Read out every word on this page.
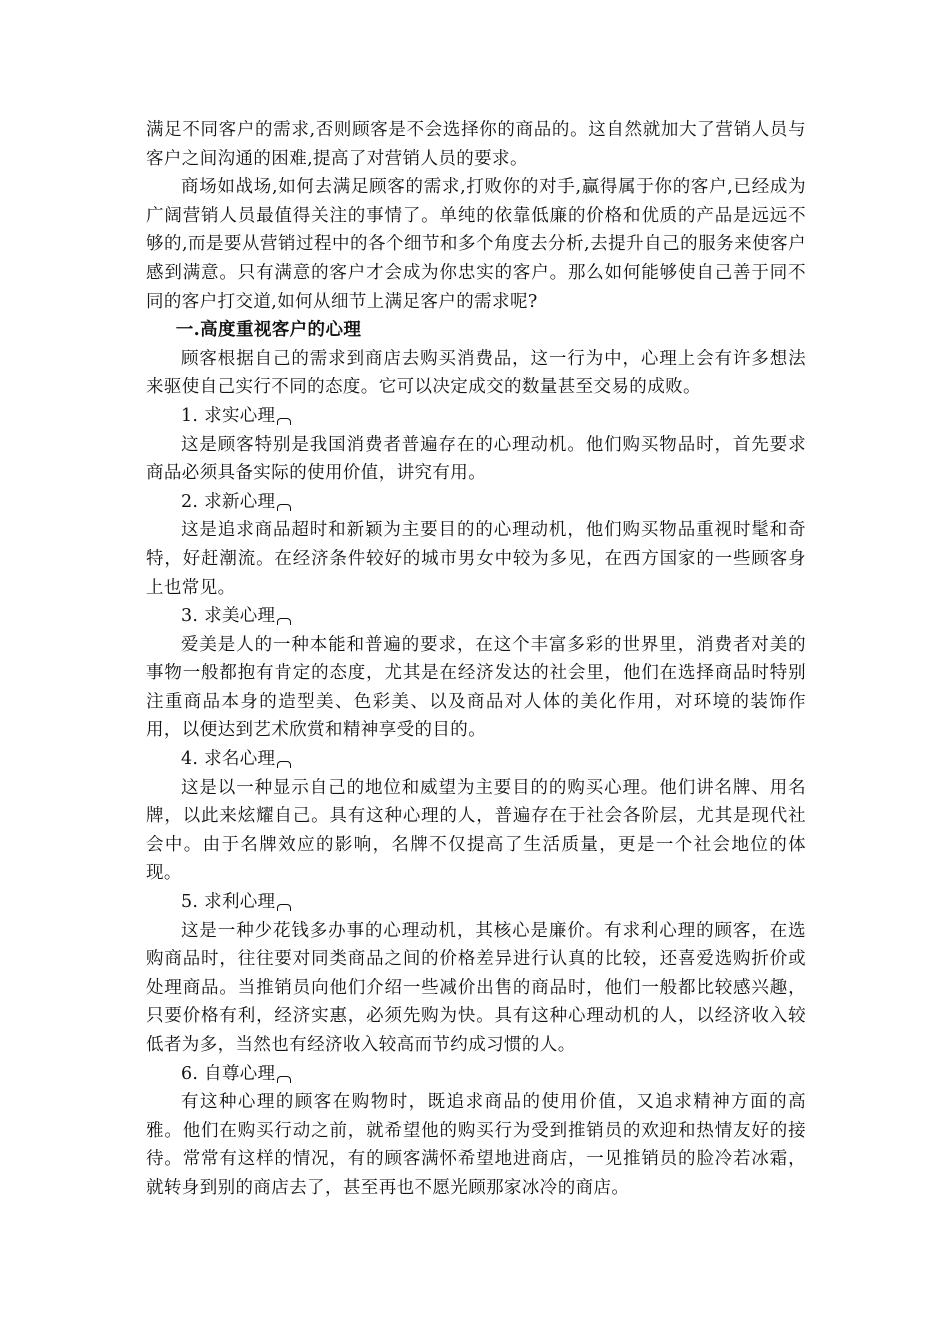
满足不同客户的需求,否则顾客是不会选择你的商品的。这自然就加大了营销人员与客户之间沟通的困难,提高了对营销人员的要求。

商场如战场,如何去满足顾客的需求,打败你的对手,赢得属于你的客户,已经成为广阔营销人员最值得关注的事情了。单纯的依靠低廉的价格和优质的产品是远远不够的,而是要从营销过程中的各个细节和多个角度去分析,去提升自己的服务来使客户感到满意。只有满意的客户才会成为你忠实的客户。那么如何能够使自己善于同不同的客户打交道,如何从细节上满足客户的需求呢?

一.高度重视客户的心理

顾客根据自己的需求到商店去购买消费品，这一行为中，心理上会有许多想法来驱使自己实行不同的态度。它可以决定成交的数量甚至交易的成败。

1. 求实心理

这是顾客特别是我国消费者普遍存在的心理动机。他们购买物品时，首先要求商品必须具备实际的使用价值，讲究有用。

2. 求新心理

这是追求商品超时和新颖为主要目的的心理动机，他们购买物品重视时髦和奇特，好赶潮流。在经济条件较好的城市男女中较为多见，在西方国家的一些顾客身上也常见。

3. 求美心理

爱美是人的一种本能和普遍的要求，在这个丰富多彩的世界里，消费者对美的事物一般都抱有肯定的态度，尤其是在经济发达的社会里，他们在选择商品时特别注重商品本身的造型美、色彩美、以及商品对人体的美化作用，对环境的装饰作用，以便达到艺术欣赏和精神享受的目的。

4. 求名心理

这是以一种显示自己的地位和威望为主要目的的购买心理。他们讲名牌、用名牌，以此来炫耀自己。具有这种心理的人，普遍存在于社会各阶层，尤其是现代社会中。由于名牌效应的影响，名牌不仅提高了生活质量，更是一个社会地位的体现。

5. 求利心理

这是一种少花钱多办事的心理动机，其核心是廉价。有求利心理的顾客，在选购商品时，往往要对同类商品之间的价格差异进行认真的比较，还喜爱选购折价或处理商品。当推销员向他们介绍一些减价出售的商品时，他们一般都比较感兴趣，只要价格有利，经济实惠，必须先购为快。具有这种心理动机的人，以经济收入较低者为多，当然也有经济收入较高而节约成习惯的人。

6. 自尊心理

有这种心理的顾客在购物时，既追求商品的使用价值，又追求精神方面的高雅。他们在购买行动之前，就希望他的购买行为受到推销员的欢迎和热情友好的接待。常常有这样的情况，有的顾客满怀希望地进商店，一见推销员的脸冷若冰霜，就转身到别的商店去了，甚至再也不愿光顾那家冰冷的商店。
